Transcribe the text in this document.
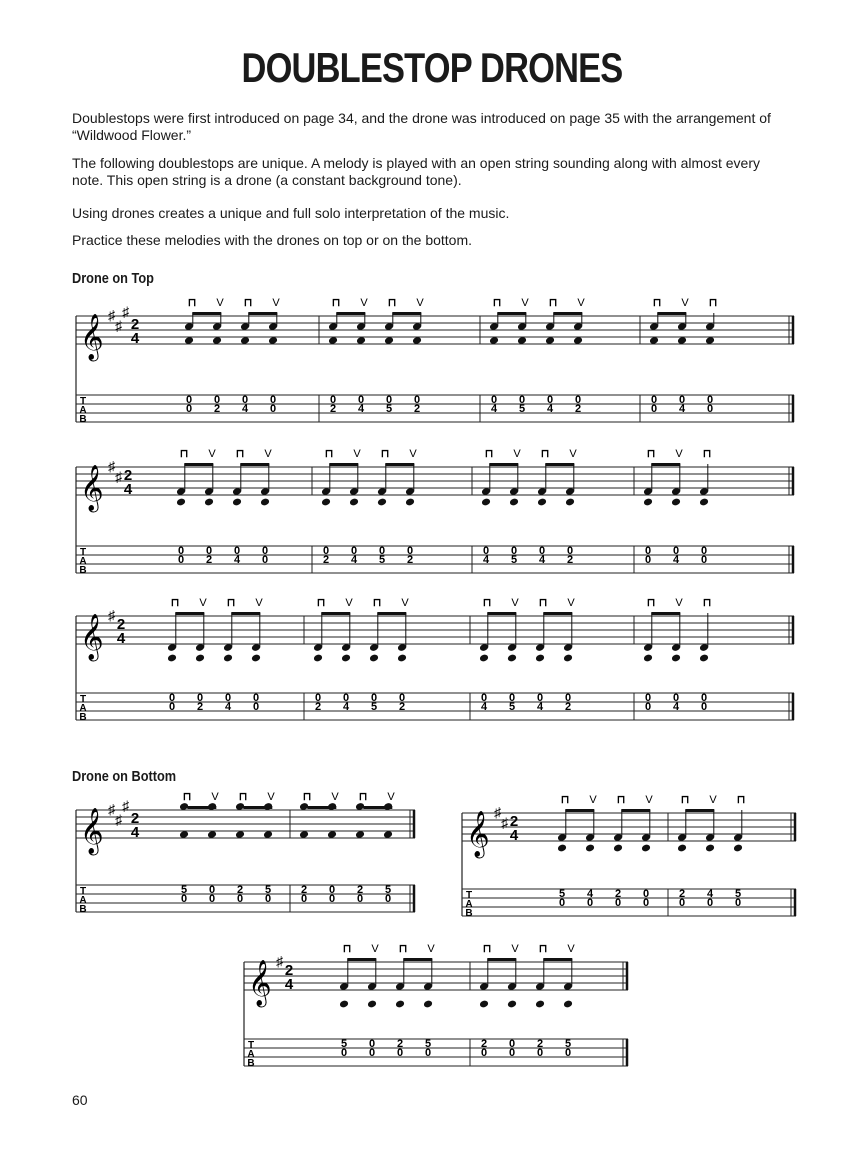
DOUBLESTOP DRONES

Doublestops were first introduced on page 34, and the drone was introduced on page 35 with the arrangement of “Wildwood Flower.”

The following doublestops are unique. A melody is played with an open string sounding along with almost every note. This open string is a drone (a constant background tone).

Using drones creates a unique and full solo interpretation of the music.

Practice these melodies with the drones on top or on the bottom.

Drone on Top
𝄞 ♯
♯
♯
2
4
T
A
B
⊓
0
0
V
0
2
⊓
0
4
V
0
0
⊓
0
2
V
0
4
⊓
0
5
V
0
2
⊓
0
4
V
0
5
⊓
0
4
V
0
2
⊓
0
0
V
0
4
⊓
0
0
𝄞 ♯
♯ 2
4
T
A
B
⊓
0
0
V
0
2
⊓
0
4
V
0
0
⊓
0
2
V
0
4
⊓
0
5
V
0
2
⊓
0
4
V
0
5
⊓
0
4
V
0
2
⊓
0
0
V
0
4
⊓
0
0
𝄞 ♯
2
4
T
A
B
⊓
0
0
V
0
2
⊓
0
4
V
0
0
⊓
0
2
V
0
4
⊓
0
5
V
0
2
⊓
0
4
V
0
5
⊓
0
4
V
0
2
⊓
0
0
V
0
4
⊓
0
0
Drone on Bottom
𝄞 ♯
♯
♯
2
4
T
A
B
⊓
5
0
V
0
0
⊓
2
0
V
5
0
⊓
2
0
V
0
0
⊓
2
0
V
5
0
𝄞 ♯
♯ 2
4
T
A
B
⊓
5
0
V
4
0
⊓
2
0
V
0
0
⊓
2
0
V
4
0
⊓
5
0
𝄞 ♯
2
4
T
A
B
⊓
5
0
V
0
0
⊓
2
0
V
5
0
⊓
2
0
V
0
0
⊓
2
0
V
5
0
60
